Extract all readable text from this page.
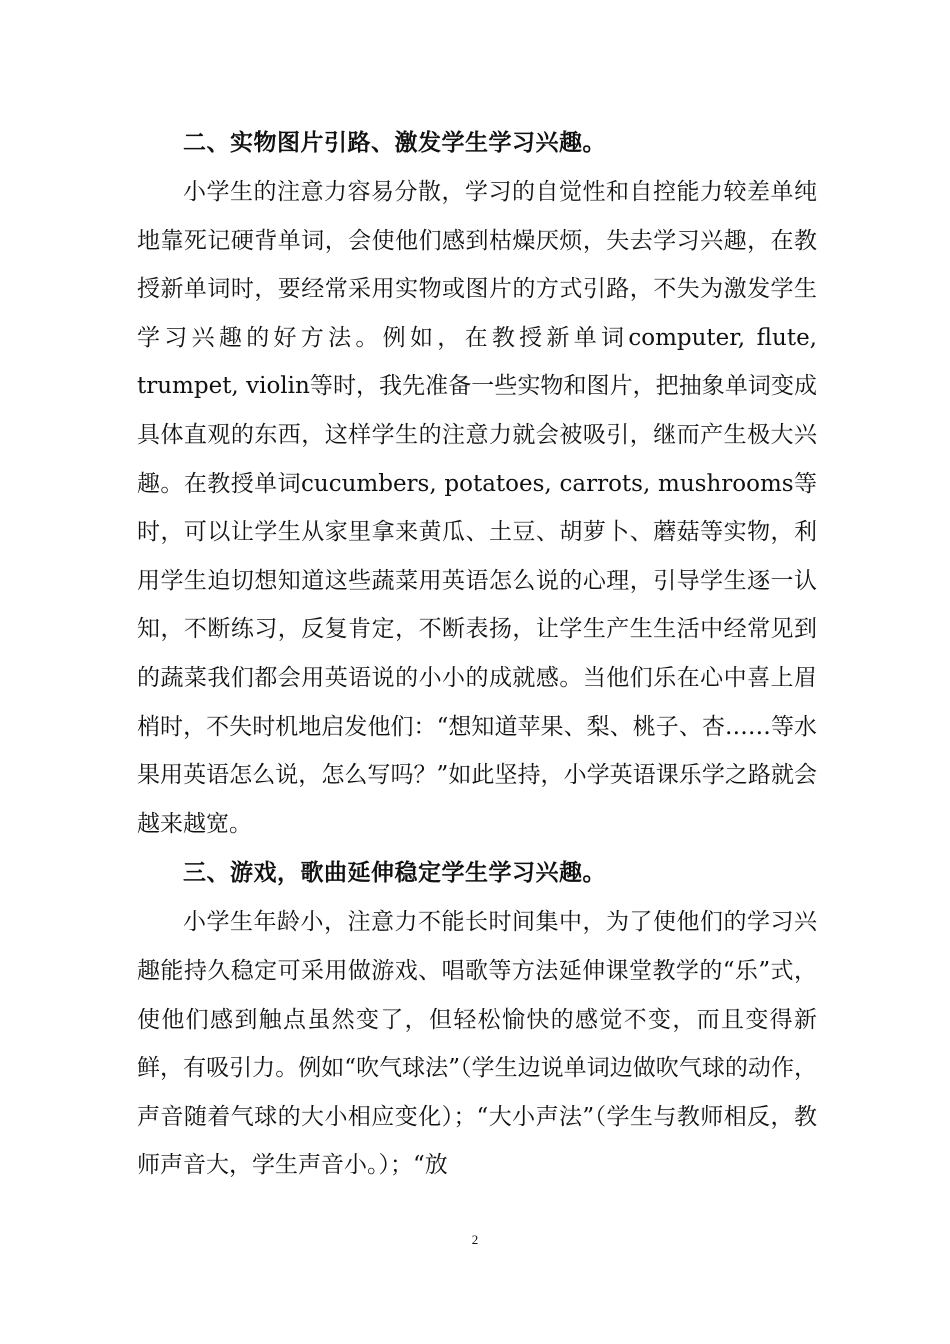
二、实物图片引路、激发学生学习兴趣。

小学生的注意力容易分散，学习的自觉性和自控能力较差单纯地靠死记硬背单词，会使他们感到枯燥厌烦，失去学习兴趣，在教授新单词时，要经常采用实物或图片的方式引路，不失为激发学生学习兴趣的好方法。例如，在教授新单词computer, flute, trumpet, violin等时，我先准备一些实物和图片，把抽象单词变成具体直观的东西，这样学生的注意力就会被吸引，继而产生极大兴趣。在教授单词cucumbers, potatoes, carrots, mushrooms等时，可以让学生从家里拿来黄瓜、土豆、胡萝卜、蘑菇等实物，利用学生迫切想知道这些蔬菜用英语怎么说的心理，引导学生逐一认知，不断练习，反复肯定，不断表扬，让学生产生生活中经常见到的蔬菜我们都会用英语说的小小的成就感。当他们乐在心中喜上眉梢时，不失时机地启发他们：“想知道苹果、梨、桃子、杏……等水果用英语怎么说，怎么写吗？”如此坚持，小学英语课乐学之路就会越来越宽。

三、游戏，歌曲延伸稳定学生学习兴趣。

小学生年龄小，注意力不能长时间集中，为了使他们的学习兴趣能持久稳定可采用做游戏、唱歌等方法延伸课堂教学的“乐”式，使他们感到触点虽然变了，但轻松愉快的感觉不变，而且变得新鲜，有吸引力。例如“吹气球法”（学生边说单词边做吹气球的动作，声音随着气球的大小相应变化）；“大小声法”（学生与教师相反，教师声音大，学生声音小。）；“放

2
